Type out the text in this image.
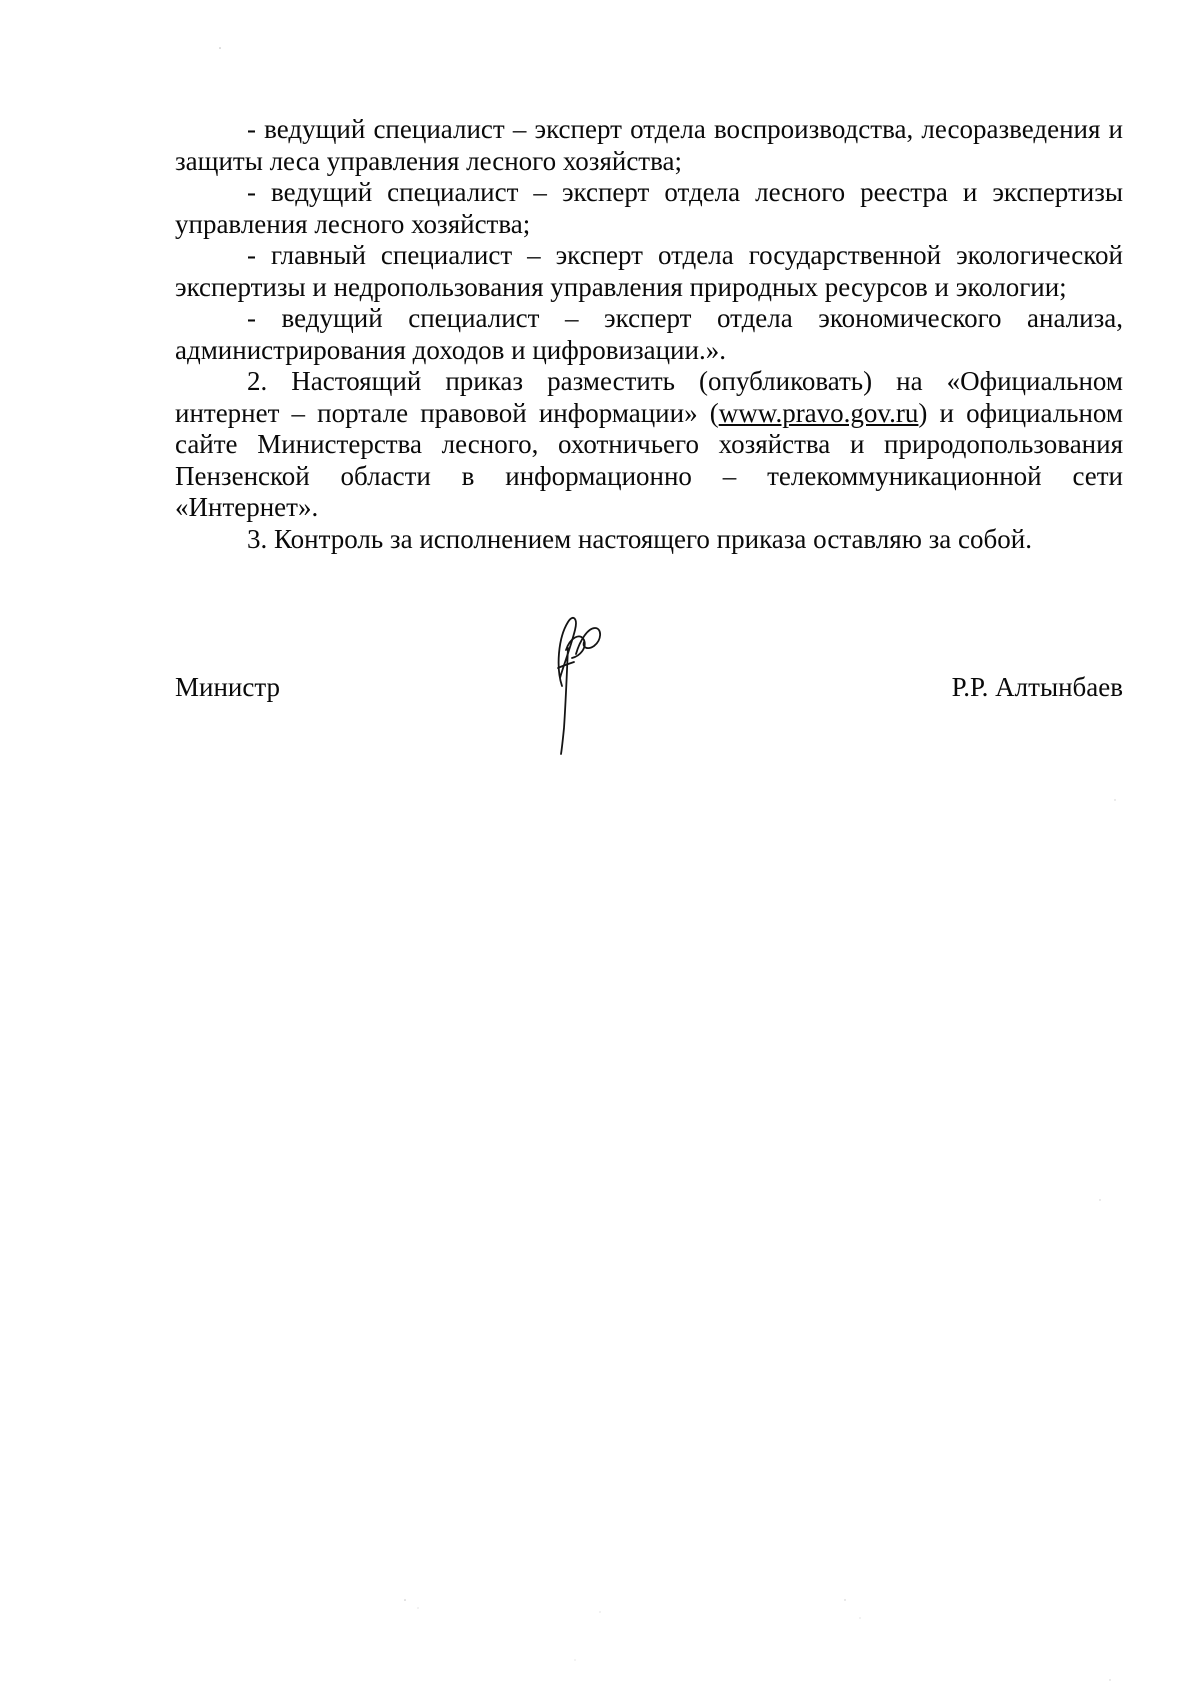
- ведущий специалист – эксперт отдела воспроизводства, лесоразведения и защиты леса управления лесного хозяйства;

- ведущий специалист – эксперт отдела лесного реестра и экспертизы управления лесного хозяйства;

- главный специалист – эксперт отдела государственной экологической экспертизы и недропользования управления природных ресурсов и экологии;

- ведущий специалист – эксперт отдела экономического анализа, администрирования доходов и цифровизации.».

2. Настоящий приказ разместить (опубликовать) на «Официальном интернет – портале правовой информации» (www.pravo.gov.ru) и официальном сайте Министерства лесного, охотничьего хозяйства и природопользования Пензенской области в информационно – телекоммуникационной сети «Интернет».

3. Контроль за исполнением настоящего приказа оставляю за собой.

Министр	Р.Р. Алтынбаев
